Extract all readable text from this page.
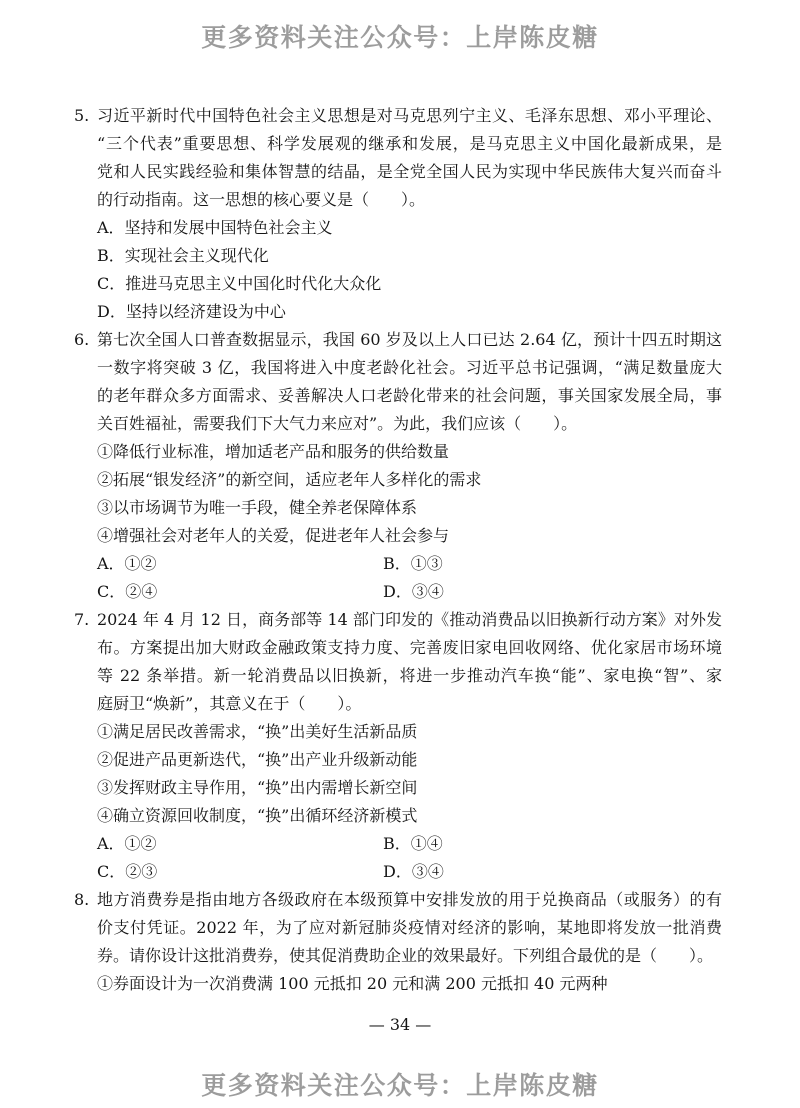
更多资料关注公众号：上岸陈皮糖
5. 习近平新时代中国特色社会主义思想是对马克思列宁主义、毛泽东思想、邓小平理论、
“三个代表”重要思想、科学发展观的继承和发展，是马克思主义中国化最新成果，是
党和人民实践经验和集体智慧的结晶，是全党全国人民为实现中华民族伟大复兴而奋斗
的行动指南。这一思想的核心要义是（　　）。
A．坚持和发展中国特色社会主义
B．实现社会主义现代化
C．推进马克思主义中国化时代化大众化
D．坚持以经济建设为中心
6. 第七次全国人口普查数据显示，我国 60 岁及以上人口已达 2.64 亿，预计十四五时期这
一数字将突破 3 亿，我国将进入中度老龄化社会。习近平总书记强调，“满足数量庞大
的老年群众多方面需求、妥善解决人口老龄化带来的社会问题，事关国家发展全局，事
关百姓福祉，需要我们下大气力来应对”。为此，我们应该（　　）。
①降低行业标准，增加适老产品和服务的供给数量
②拓展“银发经济”的新空间，适应老年人多样化的需求
③以市场调节为唯一手段，健全养老保障体系
④增强社会对老年人的关爱，促进老年人社会参与
A．①②	B．①③
C．②④	D．③④
7. 2024 年 4 月 12 日，商务部等 14 部门印发的《推动消费品以旧换新行动方案》对外发
布。方案提出加大财政金融政策支持力度、完善废旧家电回收网络、优化家居市场环境
等 22 条举措。新一轮消费品以旧换新，将进一步推动汽车换“能”、家电换“智”、家
庭厨卫“焕新”，其意义在于（　　）。
①满足居民改善需求，“换”出美好生活新品质
②促进产品更新迭代，“换”出产业升级新动能
③发挥财政主导作用，“换”出内需增长新空间
④确立资源回收制度，“换”出循环经济新模式
A．①②	B．①④
C．②③	D．③④
8. 地方消费券是指由地方各级政府在本级预算中安排发放的用于兑换商品（或服务）的有
价支付凭证。2022 年，为了应对新冠肺炎疫情对经济的影响，某地即将发放一批消费
券。请你设计这批消费券，使其促消费助企业的效果最好。下列组合最优的是（　　）。
①券面设计为一次消费满 100 元抵扣 20 元和满 200 元抵扣 40 元两种
— 34 —
更多资料关注公众号：上岸陈皮糖
